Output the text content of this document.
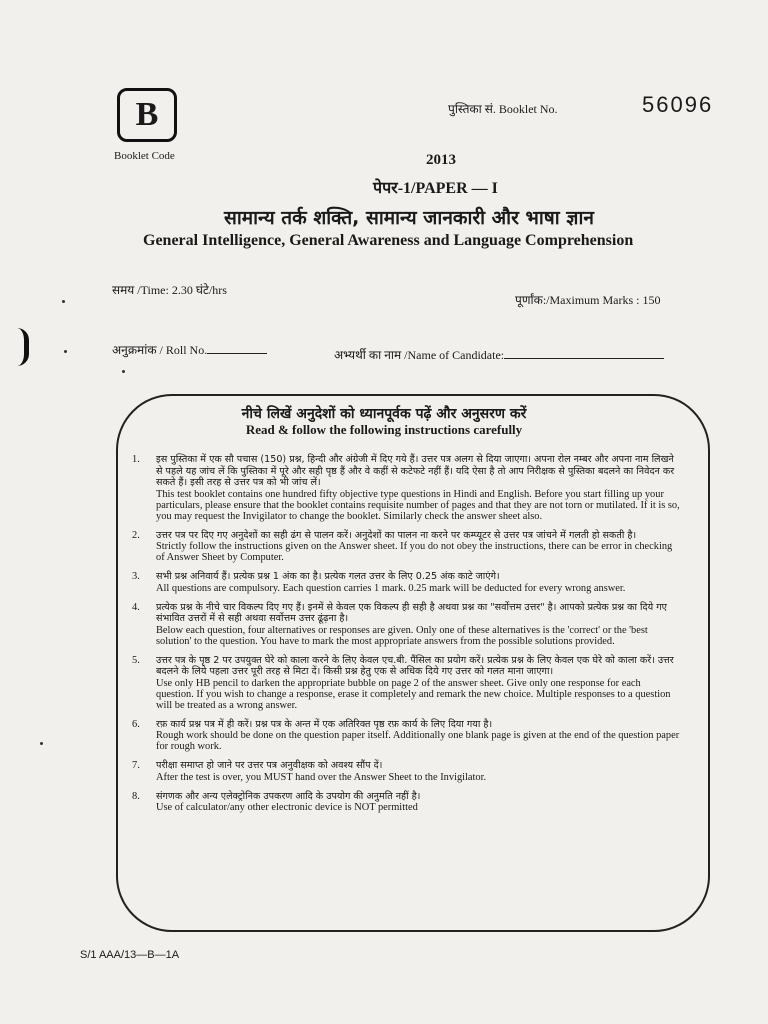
B
Booklet Code
पुस्तिका सं. Booklet No.	56096
2013
पेपर-1/PAPER — I
सामान्य तर्क शक्ति, सामान्य जानकारी और भाषा ज्ञान
General Intelligence, General Awareness and Language Comprehension
समय /Time: 2.30 घंटे/hrs
पूर्णांक:/Maximum Marks : 150
अनुक्रमांक / Roll No.	अभ्यर्थी का नाम /Name of Candidate:
नीचे लिखें अनुदेशों को ध्यानपूर्वक पढ़ें और अनुसरण करें
Read & follow the following instructions carefully
1.	इस पुस्तिका में एक सौ पचास (150) प्रश्न, हिन्दी और अंग्रेजी में दिए गये हैं। उत्तर पत्र अलग से दिया जाएगा। अपना रोल नम्बर और अपना नाम लिखने से पहले यह जांच लें कि पुस्तिका में पूरे और सही पृष्ठ हैं और वे कहीं से कटेफटे नहीं हैं। यदि ऐसा है तो आप निरीक्षक से पुस्तिका बदलने का निवेदन कर सकते हैं। इसी तरह से उत्तर पत्र को भी जांच लें।
This test booklet contains one hundred fifty objective type questions in Hindi and English. Before you start filling up your particulars, please ensure that the booklet contains requisite number of pages and that they are not torn or mutilated. If it is so, you may request the Invigilator to change the booklet. Similarly check the answer sheet also.
2.	उत्तर पत्र पर दिए गए अनुदेशों का सही ढंग से पालन करें। अनुदेशों का पालन ना करने पर कम्प्यूटर से उत्तर पत्र जांचने में गलती हो सकती है।
Strictly follow the instructions given on the Answer sheet. If you do not obey the instructions, there can be error in checking of Answer Sheet by Computer.
3.	सभी प्रश्न अनिवार्य हैं। प्रत्येक प्रश्न 1 अंक का है। प्रत्येक गलत उत्तर के लिए 0.25 अंक काटे जाएंगे।
All questions are compulsory. Each question carries 1 mark. 0.25 mark will be deducted for every wrong answer.
4.	प्रत्येक प्रश्न के नीचे चार विकल्प दिए गए हैं। इनमें से केवल एक विकल्प ही सही है अथवा प्रश्न का "सर्वोत्तम उत्तर" है। आपको प्रत्येक प्रश्न का दिये गए संभावित उत्तरों में से सही अथवा सर्वोत्तम उत्तर ढूंढ़ना है।
Below each question, four alternatives or responses are given. Only one of these alternatives is the 'correct' or the 'best solution' to the question. You have to mark the most appropriate answers from the possible solutions provided.
5.	उत्तर पत्र के पृष्ठ 2 पर उपयुक्त घेरे को काला करने के लिए केवल एच.बी. पैंसिल का प्रयोग करें। प्रत्येक प्रश्न के लिए केवल एक घेरे को काला करें। उत्तर बदलने के लिये पहला उत्तर पूरी तरह से मिटा दें। किसी प्रश्न हेतु एक से अधिक दिये गए उत्तर को गलत माना जाएगा।
Use only HB pencil to darken the appropriate bubble on page 2 of the answer sheet. Give only one response for each question. If you wish to change a response, erase it completely and remark the new choice. Multiple responses to a question will be treated as a wrong answer.
6.	रफ़ कार्य प्रश्न पत्र में ही करें। प्रश्न पत्र के अन्त में एक अतिरिक्त पृष्ठ रफ़ कार्य के लिए दिया गया है।
Rough work should be done on the question paper itself. Additionally one blank page is given at the end of the question paper for rough work.
7.	परीक्षा समाप्त हो जाने पर उत्तर पत्र अनुवीक्षक को अवश्य सौंप दें।
After the test is over, you MUST hand over the Answer Sheet to the Invigilator.
8.	संगणक और अन्य एलेक्ट्रोनिक उपकरण आदि के उपयोग की अनुमति नहीं है।
Use of calculator/any other electronic device is NOT permitted
S/1 AAA/13—B—1A
